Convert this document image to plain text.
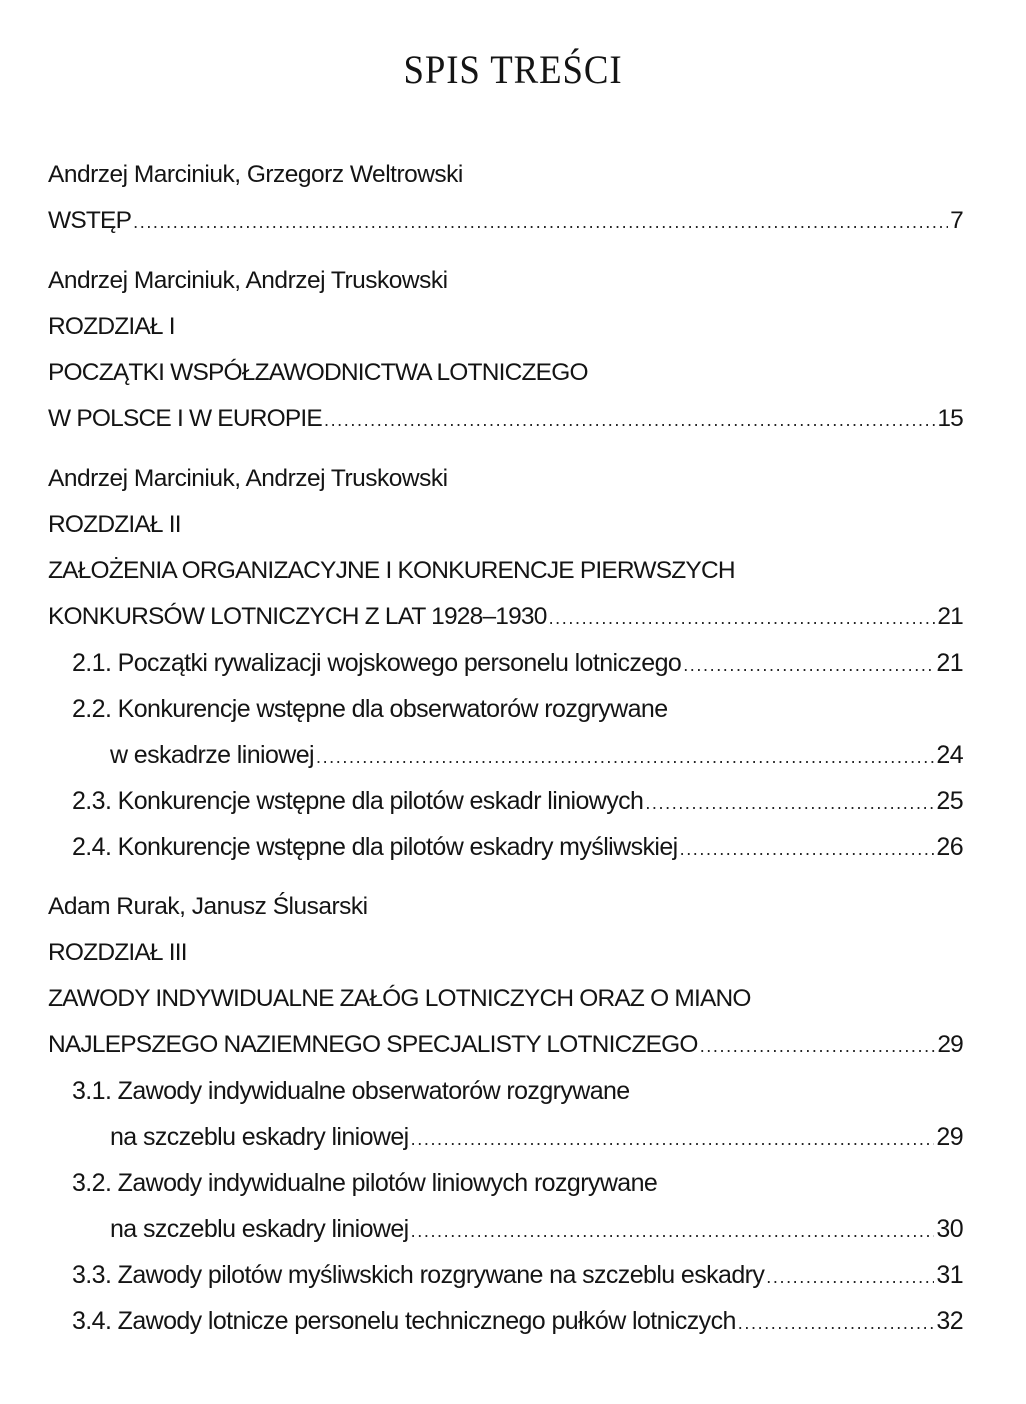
SPIS TREŚCI
Andrzej Marciniuk, Grzegorz Weltrowski
WSTĘP .....	7
Andrzej Marciniuk, Andrzej Truskowski
ROZDZIAŁ I
POCZĄTKI WSPÓŁZAWODNICTWA LOTNICZEGO
W POLSCE I W EUROPIE .....	15
Andrzej Marciniuk, Andrzej Truskowski
ROZDZIAŁ II
ZAŁOŻENIA ORGANIZACYJNE I KONKURENCJE PIERWSZYCH
KONKURSÓW LOTNICZYCH Z LAT 1928–1930 .....	21
2.1. Początki rywalizacji wojskowego personelu lotniczego .....	21
2.2. Konkurencje wstępne dla obserwatorów rozgrywane
w eskadrze liniowej .....	24
2.3. Konkurencje wstępne dla pilotów eskadr liniowych .....	25
2.4. Konkurencje wstępne dla pilotów eskadry myśliwskiej .....	26
Adam Rurak, Janusz Ślusarski
ROZDZIAŁ III
ZAWODY INDYWIDUALNE ZAŁÓG LOTNICZYCH ORAZ O MIANO
NAJLEPSZEGO NAZIEMNEGO SPECJALISTY LOTNICZEGO .....	29
3.1. Zawody indywidualne obserwatorów rozgrywane
na szczeblu eskadry liniowej .....	29
3.2. Zawody indywidualne pilotów liniowych rozgrywane
na szczeblu eskadry liniowej .....	30
3.3. Zawody pilotów myśliwskich rozgrywane na szczeblu eskadry .....	31
3.4. Zawody lotnicze personelu technicznego pułków lotniczych .....	32
